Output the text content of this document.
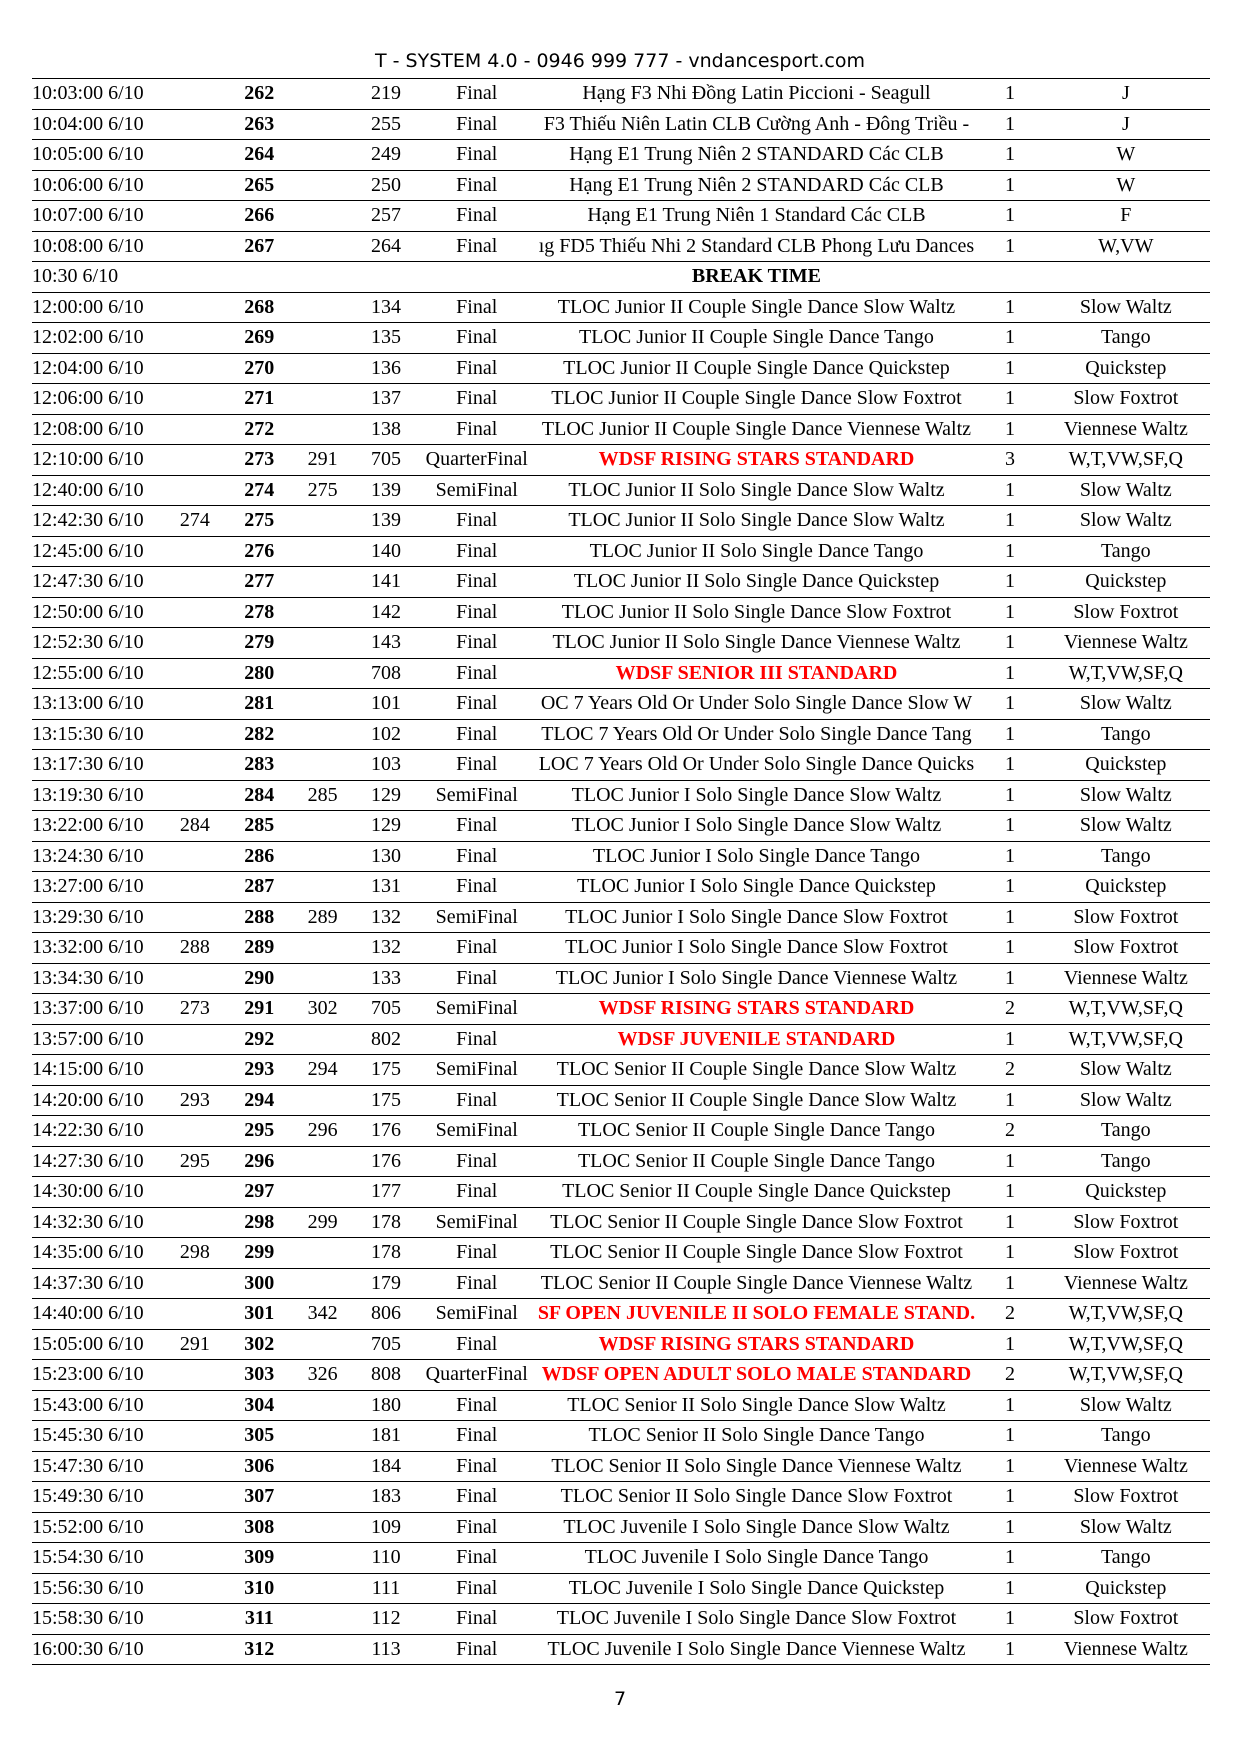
T - SYSTEM 4.0 - 0946 999 777 - vndancesport.com
10:03:00 6/10		262		219	Final	Hạng F3 Nhi Đồng Latin Piccioni - Seagull	1	J
10:04:00 6/10		263		255	Final	F3 Thiếu Niên Latin CLB Cường Anh - Đông Triều -	1	J
10:05:00 6/10		264		249	Final	Hạng E1 Trung Niên 2 STANDARD Các CLB	1	W
10:06:00 6/10		265		250	Final	Hạng E1 Trung Niên 2 STANDARD Các CLB	1	W
10:07:00 6/10		266		257	Final	Hạng E1 Trung Niên 1 Standard Các CLB	1	F
10:08:00 6/10		267		264	Final	ıg FD5 Thiếu Nhi 2 Standard CLB Phong Lưu Dances	1	W,VW
10:30 6/10						BREAK TIME		
12:00:00 6/10		268		134	Final	TLOC Junior II Couple Single Dance Slow Waltz	1	Slow Waltz
12:02:00 6/10		269		135	Final	TLOC Junior II Couple Single Dance Tango	1	Tango
12:04:00 6/10		270		136	Final	TLOC Junior II Couple Single Dance Quickstep	1	Quickstep
12:06:00 6/10		271		137	Final	TLOC Junior II Couple Single Dance Slow Foxtrot	1	Slow Foxtrot
12:08:00 6/10		272		138	Final	TLOC Junior II Couple Single Dance Viennese Waltz	1	Viennese Waltz
12:10:00 6/10		273	291	705	QuarterFinal	WDSF RISING STARS STANDARD	3	W,T,VW,SF,Q
12:40:00 6/10		274	275	139	SemiFinal	TLOC Junior II Solo Single Dance Slow Waltz	1	Slow Waltz
12:42:30 6/10	274	275		139	Final	TLOC Junior II Solo Single Dance Slow Waltz	1	Slow Waltz
12:45:00 6/10		276		140	Final	TLOC Junior II Solo Single Dance Tango	1	Tango
12:47:30 6/10		277		141	Final	TLOC Junior II Solo Single Dance Quickstep	1	Quickstep
12:50:00 6/10		278		142	Final	TLOC Junior II Solo Single Dance Slow Foxtrot	1	Slow Foxtrot
12:52:30 6/10		279		143	Final	TLOC Junior II Solo Single Dance Viennese Waltz	1	Viennese Waltz
12:55:00 6/10		280		708	Final	WDSF SENIOR III STANDARD	1	W,T,VW,SF,Q
13:13:00 6/10		281		101	Final	OC 7 Years Old Or Under Solo Single Dance Slow W	1	Slow Waltz
13:15:30 6/10		282		102	Final	TLOC 7 Years Old Or Under Solo Single Dance Tang	1	Tango
13:17:30 6/10		283		103	Final	LOC 7 Years Old Or Under Solo Single Dance Quicks	1	Quickstep
13:19:30 6/10		284	285	129	SemiFinal	TLOC Junior I Solo Single Dance Slow Waltz	1	Slow Waltz
13:22:00 6/10	284	285		129	Final	TLOC Junior I Solo Single Dance Slow Waltz	1	Slow Waltz
13:24:30 6/10		286		130	Final	TLOC Junior I Solo Single Dance Tango	1	Tango
13:27:00 6/10		287		131	Final	TLOC Junior I Solo Single Dance Quickstep	1	Quickstep
13:29:30 6/10		288	289	132	SemiFinal	TLOC Junior I Solo Single Dance Slow Foxtrot	1	Slow Foxtrot
13:32:00 6/10	288	289		132	Final	TLOC Junior I Solo Single Dance Slow Foxtrot	1	Slow Foxtrot
13:34:30 6/10		290		133	Final	TLOC Junior I Solo Single Dance Viennese Waltz	1	Viennese Waltz
13:37:00 6/10	273	291	302	705	SemiFinal	WDSF RISING STARS STANDARD	2	W,T,VW,SF,Q
13:57:00 6/10		292		802	Final	WDSF JUVENILE STANDARD	1	W,T,VW,SF,Q
14:15:00 6/10		293	294	175	SemiFinal	TLOC Senior II Couple Single Dance Slow Waltz	2	Slow Waltz
14:20:00 6/10	293	294		175	Final	TLOC Senior II Couple Single Dance Slow Waltz	1	Slow Waltz
14:22:30 6/10		295	296	176	SemiFinal	TLOC Senior II Couple Single Dance Tango	2	Tango
14:27:30 6/10	295	296		176	Final	TLOC Senior II Couple Single Dance Tango	1	Tango
14:30:00 6/10		297		177	Final	TLOC Senior II Couple Single Dance Quickstep	1	Quickstep
14:32:30 6/10		298	299	178	SemiFinal	TLOC Senior II Couple Single Dance Slow Foxtrot	1	Slow Foxtrot
14:35:00 6/10	298	299		178	Final	TLOC Senior II Couple Single Dance Slow Foxtrot	1	Slow Foxtrot
14:37:30 6/10		300		179	Final	TLOC Senior II Couple Single Dance Viennese Waltz	1	Viennese Waltz
14:40:00 6/10		301	342	806	SemiFinal	SF OPEN JUVENILE II SOLO FEMALE STAND.	2	W,T,VW,SF,Q
15:05:00 6/10	291	302		705	Final	WDSF RISING STARS STANDARD	1	W,T,VW,SF,Q
15:23:00 6/10		303	326	808	QuarterFinal	WDSF OPEN ADULT SOLO MALE STANDARD	2	W,T,VW,SF,Q
15:43:00 6/10		304		180	Final	TLOC Senior II Solo Single Dance Slow Waltz	1	Slow Waltz
15:45:30 6/10		305		181	Final	TLOC Senior II Solo Single Dance Tango	1	Tango
15:47:30 6/10		306		184	Final	TLOC Senior II Solo Single Dance Viennese Waltz	1	Viennese Waltz
15:49:30 6/10		307		183	Final	TLOC Senior II Solo Single Dance Slow Foxtrot	1	Slow Foxtrot
15:52:00 6/10		308		109	Final	TLOC Juvenile I Solo Single Dance Slow Waltz	1	Slow Waltz
15:54:30 6/10		309		110	Final	TLOC Juvenile I Solo Single Dance Tango	1	Tango
15:56:30 6/10		310		111	Final	TLOC Juvenile I Solo Single Dance Quickstep	1	Quickstep
15:58:30 6/10		311		112	Final	TLOC Juvenile I Solo Single Dance Slow Foxtrot	1	Slow Foxtrot
16:00:30 6/10		312		113	Final	TLOC Juvenile I Solo Single Dance Viennese Waltz	1	Viennese Waltz
7
